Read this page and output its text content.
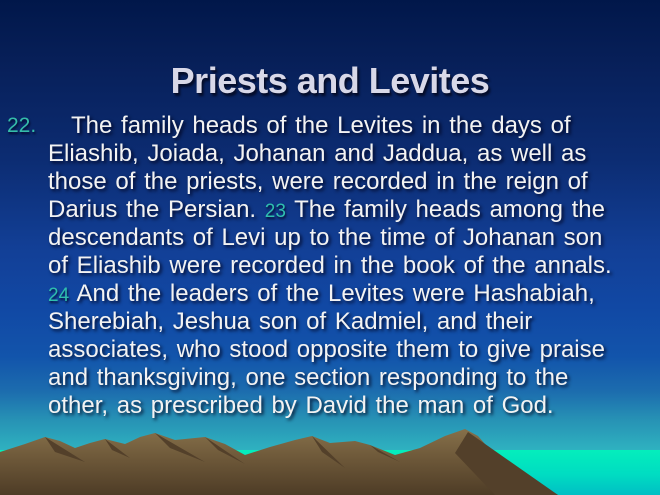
Priests and Levites
22. The family heads of the Levites in the days of
Eliashib, Joiada, Johanan and Jaddua, as well as
those of the priests, were recorded in the reign of
Darius the Persian. 23 The family heads among the
descendants of Levi up to the time of Johanan son
of Eliashib were recorded in the book of the annals.
24 And the leaders of the Levites were Hashabiah,
Sherebiah, Jeshua son of Kadmiel, and their
associates, who stood opposite them to give praise
and thanksgiving, one section responding to the
other, as prescribed by David the man of God.
